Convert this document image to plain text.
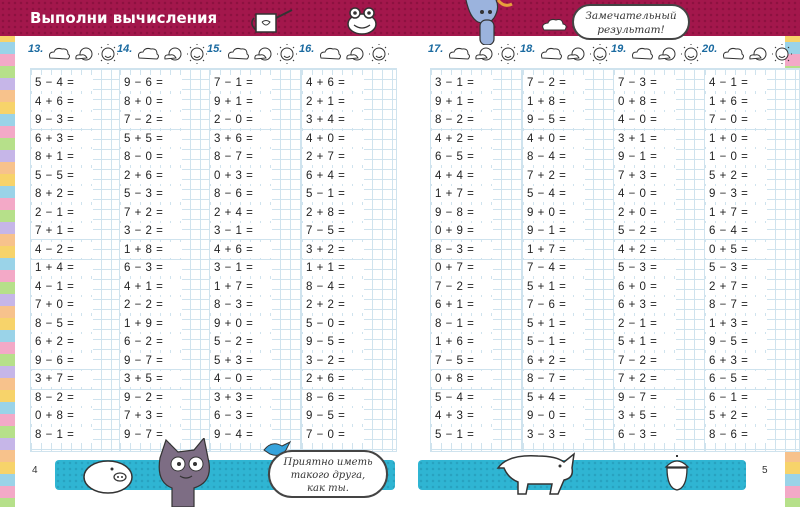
Выполни вычисления	Замечательный
результат!
13.
5 − 4 =
4 + 6 =
9 − 3 =
6 + 3 =
8 + 1 =
5 − 5 =
8 + 2 =
2 − 1 =
7 + 1 =
4 − 2 =
1 + 4 =
4 − 1 =
7 + 0 =
8 − 5 =
6 + 2 =
9 − 6 =
3 + 7 =
8 − 2 =
0 + 8 =
8 − 1 =
14.
9 − 6 =
8 + 0 =
7 − 2 =
5 + 5 =
8 − 0 =
2 + 6 =
5 − 3 =
7 + 2 =
3 − 2 =
1 + 8 =
6 − 3 =
4 + 1 =
2 − 2 =
1 + 9 =
6 − 2 =
9 − 7 =
3 + 5 =
9 − 2 =
7 + 3 =
9 − 7 =
15.
7 − 1 =
9 + 1 =
2 − 0 =
3 + 6 =
8 − 7 =
0 + 3 =
8 − 6 =
2 + 4 =
3 − 1 =
4 + 6 =
3 − 1 =
1 + 7 =
8 − 3 =
9 + 0 =
5 − 2 =
5 + 3 =
4 − 0 =
3 + 3 =
6 − 3 =
9 − 4 =
16.
4 + 6 =
2 + 1 =
3 + 4 =
4 + 0 =
2 + 7 =
6 + 4 =
5 − 1 =
2 + 8 =
7 − 5 =
3 + 2 =
1 + 1 =
8 − 4 =
2 + 2 =
5 − 0 =
9 − 5 =
3 − 2 =
2 + 6 =
8 − 6 =
9 − 5 =
7 − 0 =
17.
3 − 1 =
9 + 1 =
8 − 2 =
4 + 2 =
6 − 5 =
4 + 4 =
1 + 7 =
9 − 8 =
0 + 9 =
8 − 3 =
0 + 7 =
7 − 2 =
6 + 1 =
8 − 1 =
1 + 6 =
7 − 5 =
0 + 8 =
5 − 4 =
4 + 3 =
5 − 1 =
18.
7 − 2 =
1 + 8 =
9 − 5 =
4 + 0 =
8 − 4 =
7 + 2 =
5 − 4 =
9 + 0 =
9 − 1 =
1 + 7 =
7 − 4 =
5 + 1 =
7 − 6 =
5 + 1 =
5 − 1 =
6 + 2 =
8 − 7 =
5 + 4 =
9 − 0 =
3 − 3 =
19.
7 − 3 =
0 + 8 =
4 − 0 =
3 + 1 =
9 − 1 =
7 + 3 =
4 − 0 =
2 + 0 =
5 − 2 =
4 + 2 =
5 − 3 =
6 + 0 =
6 + 3 =
2 − 1 =
5 + 1 =
7 − 2 =
7 + 2 =
9 − 7 =
3 + 5 =
6 − 3 =
20.
4 − 1 =
1 + 6 =
7 − 0 =
1 + 0 =
1 − 0 =
5 + 2 =
9 − 3 =
1 + 7 =
6 − 4 =
0 + 5 =
5 − 3 =
2 + 7 =
8 − 7 =
1 + 3 =
9 − 5 =
6 + 3 =
6 − 5 =
6 − 1 =
5 + 2 =
8 − 6 =
4	5
Приятно иметь
такого друга,
как ты.
